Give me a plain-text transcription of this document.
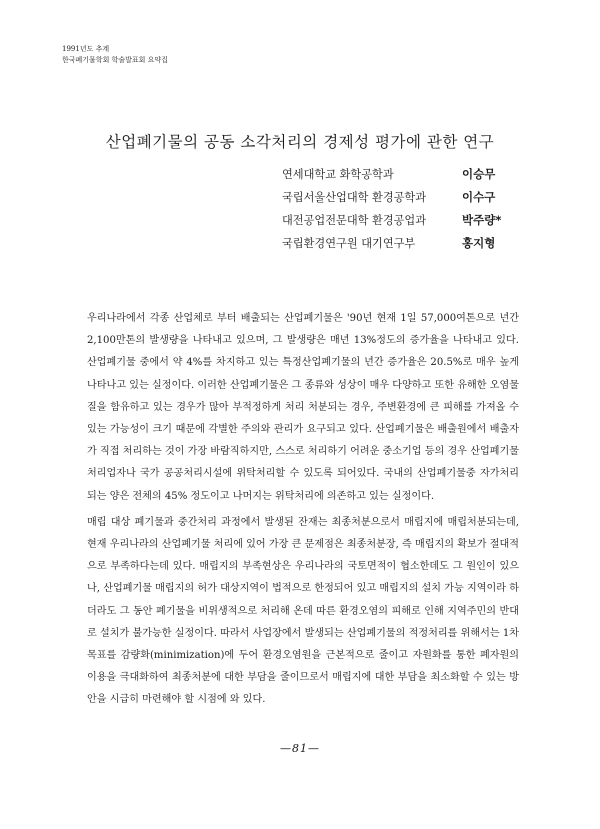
1991년도 추계
한국폐기물학회 학술발표회 요약집
산업폐기물의 공동 소각처리의 경제성 평가에 관한 연구
연세대학교 화학공학과	이승무
국립서울산업대학 환경공학과	이수구
대전공업전문대학 환경공업과	박주량*
국립환경연구원 대기연구부	홍지형

우리나라에서 각종 산업체로 부터 배출되는 산업폐기물은 '90년 현재 1일 57,000여톤으로 년간 2,100만톤의 발생량을 나타내고 있으며, 그 발생량은 매년 13%정도의 증가율을 나타내고 있다. 산업폐기물 중에서 약 4%를 차지하고 있는 특정산업폐기물의 년간 증가율은 20.5%로 매우 높게 나타나고 있는 실정이다. 이러한 산업폐기물은 그 종류와 성상이 매우 다양하고 또한 유해한 오염물질을 함유하고 있는 경우가 많아 부적정하게 처리 처분되는 경우, 주변환경에 큰 피해를 가져올 수 있는 가능성이 크기 때문에 각별한 주의와 관리가 요구되고 있다. 산업폐기물은 배출원에서 배출자가 직접 처리하는 것이 가장 바람직하지만, 스스로 처리하기 어려운 중소기업 등의 경우 산업폐기물 처리업자나 국가 공공처리시설에 위탁처리할 수 있도록 되어있다. 국내의 산업폐기물중 자가처리 되는 양은 전체의 45% 정도이고 나머지는 위탁처리에 의존하고 있는 실정이다.

매립 대상 폐기물과 중간처리 과정에서 발생된 잔재는 최종처분으로서 매립지에 매립처분되는데, 현재 우리나라의 산업폐기물 처리에 있어 가장 큰 문제점은 최종처분장, 즉 매립지의 확보가 절대적으로 부족하다는데 있다. 매립지의 부족현상은 우리나라의 국토면적이 협소한데도 그 원인이 있으나, 산업폐기물 매립지의 허가 대상지역이 법적으로 한정되어 있고 매립지의 설치 가능 지역이라 하더라도 그 동안 폐기물을 비위생적으로 처리해 온데 따른 환경오염의 피해로 인해 지역주민의 반대로 설치가 불가능한 실정이다. 따라서 사업장에서 발생되는 산업폐기물의 적정처리를 위해서는 1차 목표를 감량화(minimization)에 두어 환경오염원을 근본적으로 줄이고 자원화를 통한 폐자원의 이용을 극대화하여 최종처분에 대한 부담을 줄이므로서 매립지에 대한 부담을 최소화할 수 있는 방안을 시급히 마련해야 할 시점에 와 있다.

—81—
